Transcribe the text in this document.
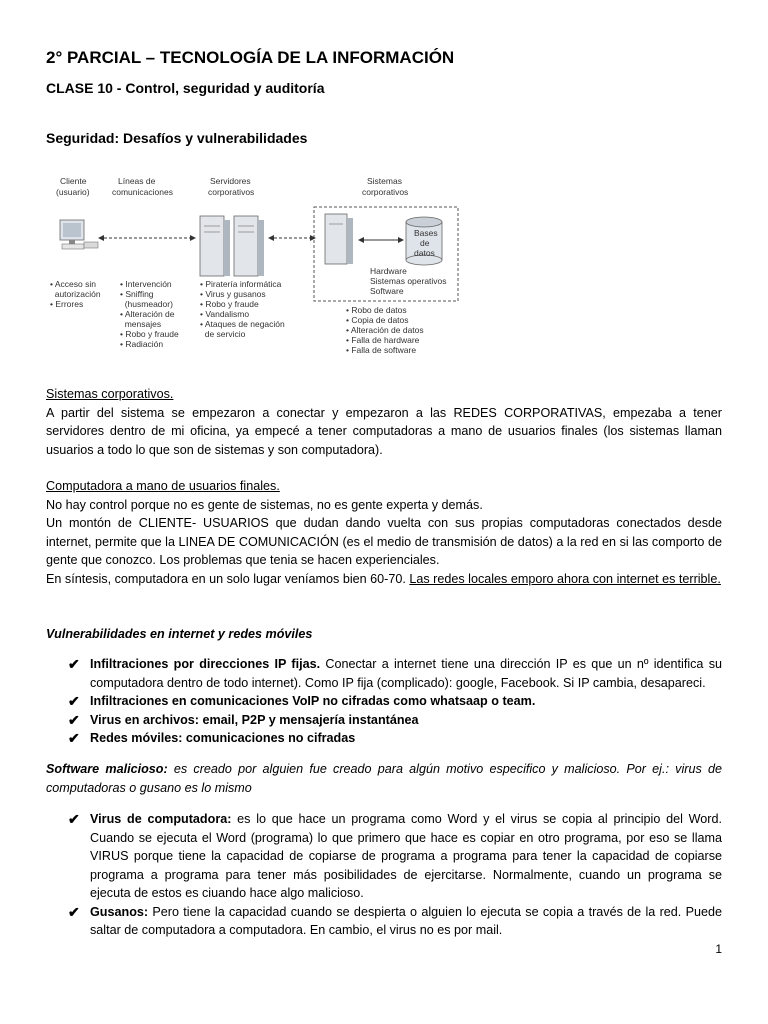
2° PARCIAL – TECNOLOGÍA DE LA INFORMACIÓN
CLASE 10 - Control, seguridad y auditoría
Seguridad: Desafíos y vulnerabilidades
Cliente
(usuario)
Líneas de
comunicaciones
Servidores
corporativos
Sistemas
corporativos
Bases
de
datos
Hardware
Sistemas operativos
Software
• Acceso sin
autorización
• Errores
• Intervención
• Sniffing
(husmeador)
• Alteración de
mensajes
• Robo y fraude
• Radiación
• Piratería informática
• Virus y gusanos
• Robo y fraude
• Vandalismo
• Ataques de negación
de servicio
• Robo de datos
• Copia de datos
• Alteración de datos
• Falla de hardware
• Falla de software
Sistemas corporativos.
A partir del sistema se empezaron a conectar y empezaron a las REDES CORPORATIVAS, empezaba a tener servidores dentro de mi oficina, ya empecé a tener computadoras a mano de usuarios finales (los sistemas llaman usuarios a todo lo que son de sistemas y son computadora).
Computadora a mano de usuarios finales.
No hay control porque no es gente de sistemas, no es gente experta y demás.
Un montón de CLIENTE- USUARIOS que dudan dando vuelta con sus propias computadoras conectados desde internet, permite que la LINEA DE COMUNICACIÓN (es el medio de transmisión de datos) a la red en si las comporto de gente que conozco. Los problemas que tenia se hacen experienciales.
En síntesis, computadora en un solo lugar veníamos bien 60-70. Las redes locales emporo ahora con internet es terrible.
Vulnerabilidades en internet y redes móviles
✔ Infiltraciones por direcciones IP fijas. Conectar a internet tiene una dirección IP es que un nº identifica su computadora dentro de todo internet). Como IP fija (complicado): google, Facebook. Si IP cambia, desapareci.
✔ Infiltraciones en comunicaciones VoIP no cifradas como whatsaap o team.
✔ Virus en archivos: email, P2P y mensajería instantánea
✔ Redes móviles: comunicaciones no cifradas
Software malicioso: es creado por alguien fue creado para algún motivo especifico y malicioso. Por ej.: virus de computadoras o gusano es lo mismo
✔ Virus de computadora: es lo que hace un programa como Word y el virus se copia al principio del Word. Cuando se ejecuta el Word (programa) lo que primero que hace es copiar en otro programa, por eso se llama VIRUS porque tiene la capacidad de copiarse de programa a programa para tener la capacidad de copiarse programa a programa para tener más posibilidades de ejercitarse. Normalmente, cuando un programa se ejecuta de estos es ciuando hace algo malicioso.
✔ Gusanos: Pero tiene la capacidad cuando se despierta o alguien lo ejecuta se copia a través de la red. Puede saltar de computadora a computadora. En cambio, el virus no es por mail.
1
